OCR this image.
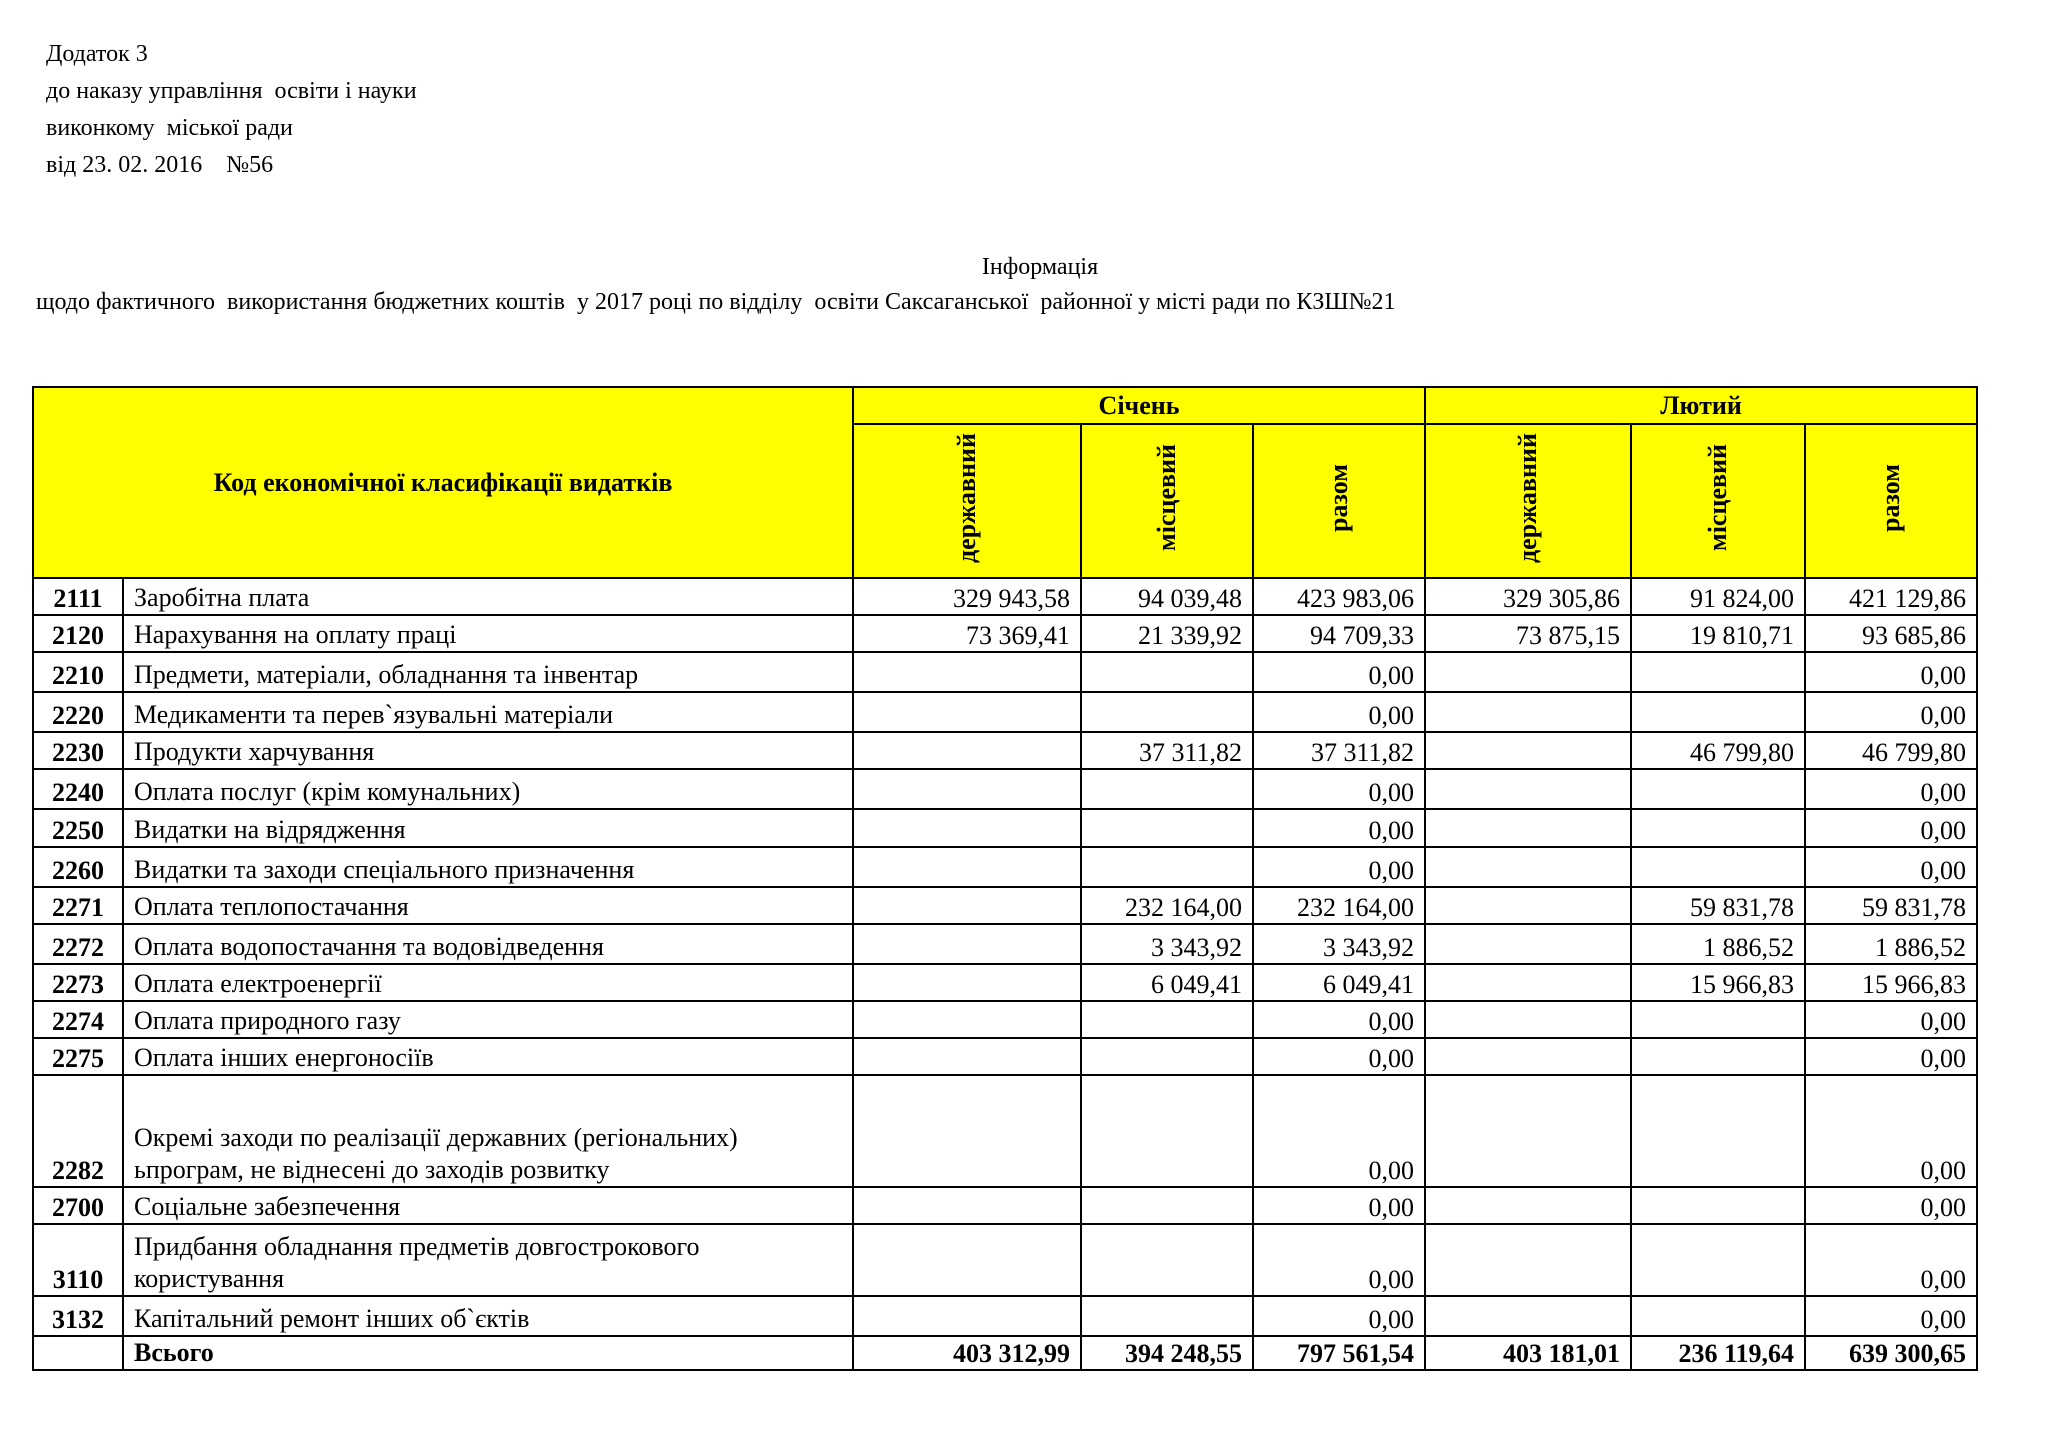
Додаток 3
до наказу управління  освіти і науки
виконкому  міської ради
від 23. 02. 2016    №56
Інформація
щодо фактичного  використання бюджетних коштів  у 2017 році по відділу  освіти Саксаганської  районної у місті ради по КЗШ№21
Код економічної класифікації видатків		Січень			Лютий		
		державний	місцевий	разом	державний	місцевий	разом
2111	Заробітна плата	329 943,58	94 039,48	423 983,06	329 305,86	91 824,00	421 129,86
2120	Нарахування на оплату праці	73 369,41	21 339,92	94 709,33	73 875,15	19 810,71	93 685,86
2210	Предмети, матеріали, обладнання та інвентар			0,00			0,00
2220	Медикаменти та перев`язувальні матеріали			0,00			0,00
2230	Продукти харчування		37 311,82	37 311,82		46 799,80	46 799,80
2240	Оплата послуг (крім комунальних)			0,00			0,00
2250	Видатки на відрядження			0,00			0,00
2260	Видатки та заходи спеціального призначення			0,00			0,00
2271	Оплата теплопостачання		232 164,00	232 164,00		59 831,78	59 831,78
2272	Оплата водопостачання та водовідведення		3 343,92	3 343,92		1 886,52	1 886,52
2273	Оплата електроенергії		6 049,41	6 049,41		15 966,83	15 966,83
2274	Оплата природного газу			0,00			0,00
2275	Оплата інших енергоносіїв			0,00			0,00
2282	Окремі заходи по реалізації державних (регіональних) ьпрограм, не віднесені до заходів розвитку			0,00			0,00
2700	Соціальне забезпечення			0,00			0,00
3110	Придбання обладнання предметів довгострокового користування			0,00			0,00
3132	Капітальний ремонт інших об`єктів			0,00			0,00
	Всього	403 312,99	394 248,55	797 561,54	403 181,01	236 119,64	639 300,65
